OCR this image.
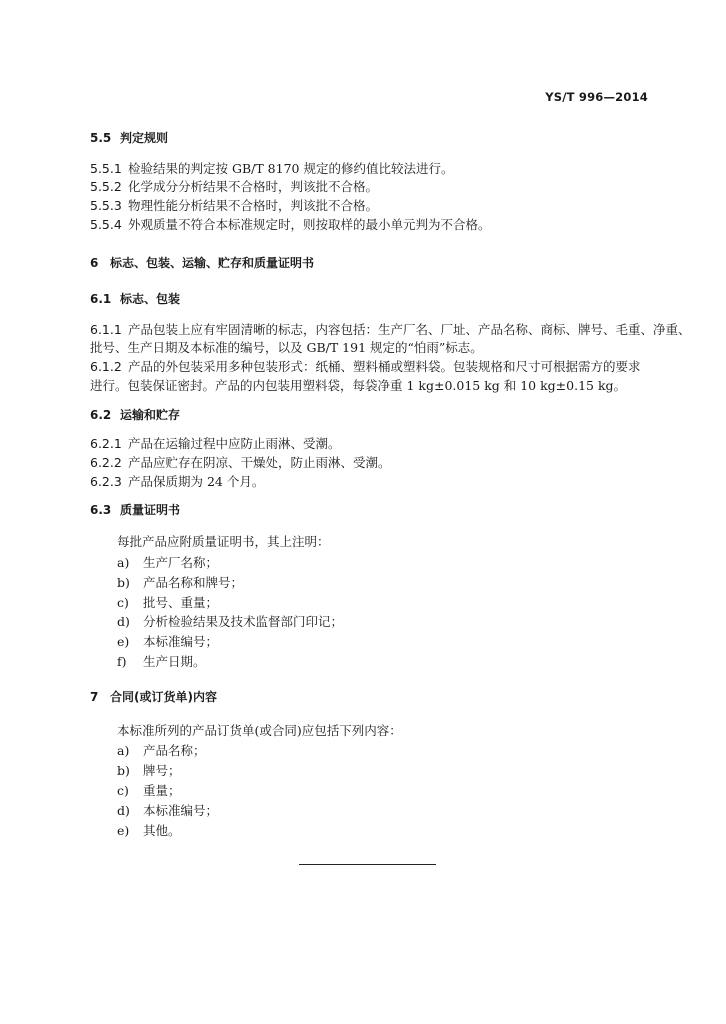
YS/T 996—2014
5.5 判定规则
5.5.1 检验结果的判定按 GB/T 8170 规定的修约值比较法进行。
5.5.2 化学成分分析结果不合格时，判该批不合格。
5.5.3 物理性能分析结果不合格时，判该批不合格。
5.5.4 外观质量不符合本标准规定时，则按取样的最小单元判为不合格。
6 标志、包装、运输、贮存和质量证明书
6.1 标志、包装
6.1.1 产品包装上应有牢固清晰的标志，内容包括：生产厂名、厂址、产品名称、商标、牌号、毛重、净重、
批号、生产日期及本标准的编号，以及 GB/T 191 规定的“怕雨”标志。
6.1.2 产品的外包装采用多种包装形式：纸桶、塑料桶或塑料袋。包装规格和尺寸可根据需方的要求
进行。包装保证密封。产品的内包装用塑料袋，每袋净重 1 kg±0.015 kg 和 10 kg±0.15 kg。
6.2 运输和贮存
6.2.1 产品在运输过程中应防止雨淋、受潮。
6.2.2 产品应贮存在阴凉、干燥处，防止雨淋、受潮。
6.2.3 产品保质期为 24 个月。
6.3 质量证明书
每批产品应附质量证明书，其上注明：
a) 生产厂名称；
b) 产品名称和牌号；
c) 批号、重量；
d) 分析检验结果及技术监督部门印记；
e) 本标准编号；
f) 生产日期。
7 合同(或订货单)内容
本标准所列的产品订货单(或合同)应包括下列内容：
a) 产品名称；
b) 牌号；
c) 重量；
d) 本标准编号；
e) 其他。
